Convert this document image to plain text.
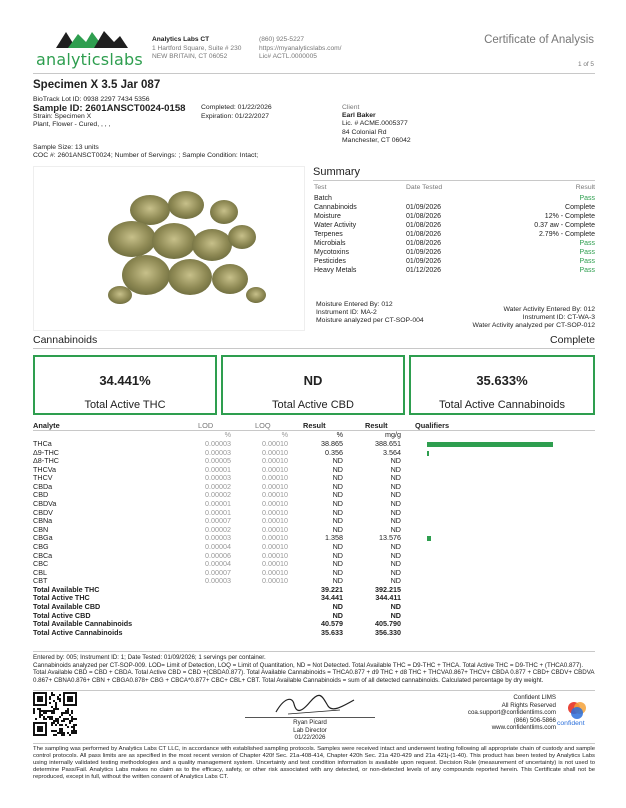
analyticslabs
Analytics Labs CT
1 Hartford Square, Suite # 230
NEW BRITAIN, CT 06052
(860) 925-5227
https://myanalyticslabs.com/
Lic# ACTL.0000005
Certificate of Analysis
1 of 5
Specimen X 3.5 Jar 087
BioTrack Lot ID: 0938 2297 7434 5356
Sample ID: 2601ANSCT0024-0158 Completed: 01/22/2026
Expiration: 01/22/2027
Strain: Specimen X
Plant, Flower - Cured, , , ,
Sample Size: 13 units
COC #: 2601ANSCT0024; Number of Servings: ; Sample Condition: Intact;
Client
Earl Baker
Lic. # ACME.0005377
84 Colonial Rd
Manchester, CT 06042
Summary
Test	Date Tested	Result
Batch	Pass
Cannabinoids	01/09/2026	Complete
Moisture	01/08/2026	12% - Complete
Water Activity	01/08/2026	0.37 aw - Complete
Terpenes	01/08/2026	2.79% - Complete
Microbials	01/08/2026	Pass
Mycotoxins	01/09/2026	Pass
Pesticides	01/09/2026	Pass
Heavy Metals	01/12/2026	Pass
Moisture Entered By: 012
Instrument ID: MA-2
Moisture analyzed per CT-SOP-004
Water Activity Entered By: 012
Instrument ID: CT-WA-3
Water Activity analyzed per CT-SOP-012
Cannabinoids	Complete
34.441%
Total Active THC
ND
Total Active CBD
35.633%
Total Active Cannabinoids
Analyte	LOD	LOQ	Result	Result	Qualifiers
%	%	%	mg/g
THCa	0.00003	0.00010	38.865	388.651
Δ9-THC	0.00003	0.00010	0.356	3.564
Δ8-THC	0.00005	0.00010	ND	ND
THCVa	0.00001	0.00010	ND	ND
THCV	0.00003	0.00010	ND	ND
CBDa	0.00002	0.00010	ND	ND
CBD	0.00002	0.00010	ND	ND
CBDVa	0.00001	0.00010	ND	ND
CBDV	0.00001	0.00010	ND	ND
CBNa	0.00007	0.00010	ND	ND
CBN	0.00002	0.00010	ND	ND
CBGa	0.00003	0.00010	1.358	13.576
CBG	0.00004	0.00010	ND	ND
CBCa	0.00006	0.00010	ND	ND
CBC	0.00004	0.00010	ND	ND
CBL	0.00007	0.00010	ND	ND
CBT	0.00003	0.00010	ND	ND
Total Available THC	39.221	392.215
Total Active THC	34.441	344.411
Total Available CBD	ND	ND
Total Active CBD	ND	ND
Total Available Cannabinoids	40.579	405.790
Total Active Cannabinoids	35.633	356.330
Entered by: 005; Instrument ID: 1; Date Tested: 01/09/2026; 1 servings per container.
Cannabinoids analyzed per CT-SOP-009. LOD= Limit of Detection, LOQ = Limit of Quantitation, ND = Not Detected. Total Available THC = D9-THC + THCA. Total Active THC = D9-THC + (THCA0.877). Total Available CBD = CBD + CBDA. Total Active CBD = CBD +(CBDA0.877). Total Available Cannabinoids = THCA0.877 + d9 THC + d8 THC + THCVA0.867+ THCV+ CBDA 0.877 + CBD+ CBDV+ CBDVA 0.867+ CBNA0.876+ CBN + CBGA0.878+ CBG + CBCA*0.877+ CBC+ CBL+ CBT. Total Available Cannabinoids = sum of all detected cannabinoids. Calculated percentage by dry weight.
Ryan Picard
Lab Director
01/22/2026
Confident LIMS
All Rights Reserved
coa.support@confidentlims.com
(866) 506-5866
www.confidentlims.com
confident
The sampling was performed by Analytics Labs CT LLC, in accordance with established sampling protocols. Samples were received intact and underwent testing following all appropriate chain of custody and sample control protocols. All pass limits are as specified in the most recent version of Chapter 420f Sec. 21a-408-414, Chapter 420h Sec. 21a 420-429 and 21a 421j-(1-40). This product has been tested by Analytics Labs using internally validated testing methodologies and a quality management system. Uncertainty and test condition information is available upon request. Decision Rule (measurement of uncertainty) is not used to determine Pass/Fail. Analytics Labs makes no claim as to the efficacy, safety, or other risk associated with any detected, or non-detected levels of any compounds reported herein. This Certificate shall not be reproduced, except in full, without the written consent of Analytics Labs CT.
